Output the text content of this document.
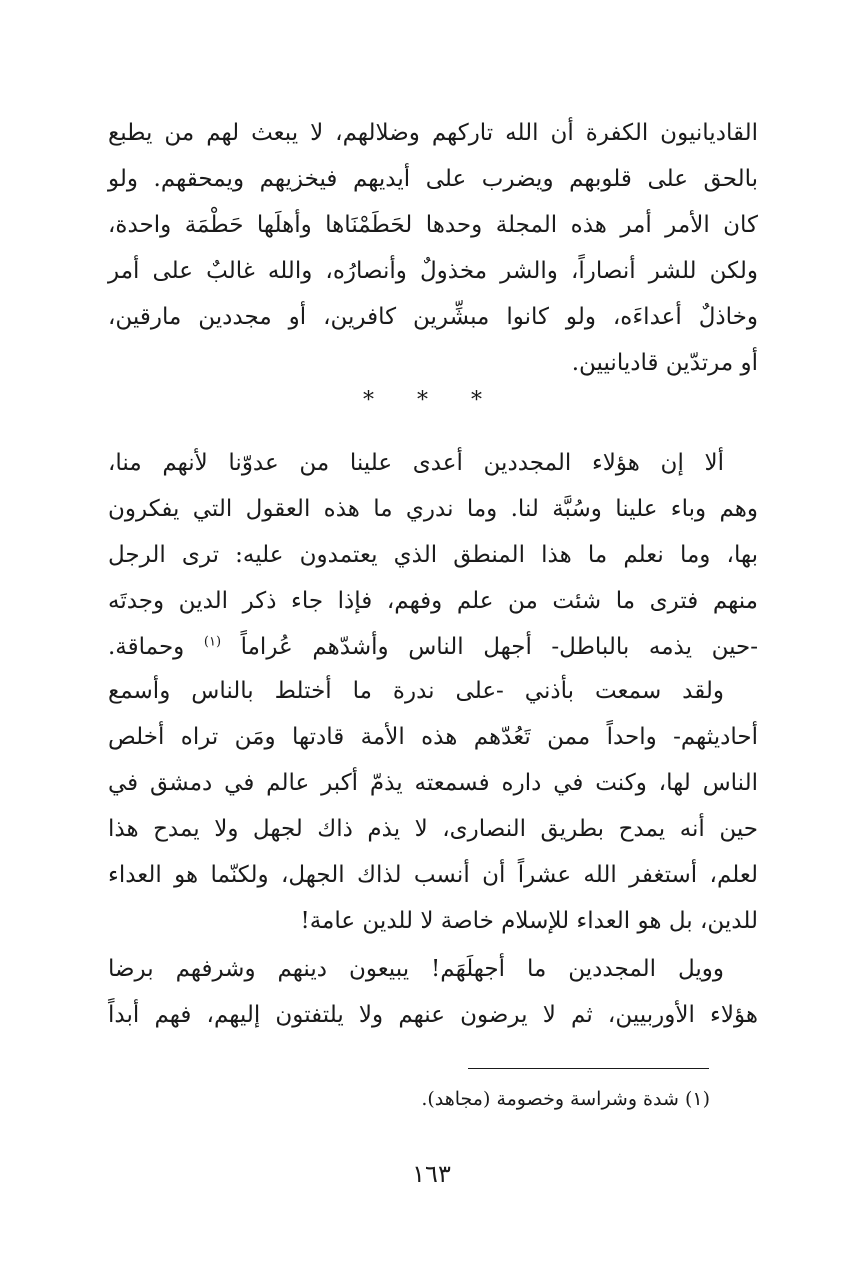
القاديانيون الكفرة أن الله تاركهم وضلالهم، لا يبعث لهم من يطبع
بالحق على قلوبهم ويضرب على أيديهم فيخزيهم ويمحقهم. ولو
كان الأمر أمر هذه المجلة وحدها لحَطَمْنَاها وأهلَها حَطْمَة واحدة،
ولكن للشر أنصاراً، والشر مخذولٌ وأنصارُه، والله غالبٌ على أمر
وخاذلٌ أعداءَه، ولو كانوا مبشِّرين كافرين، أو مجددين مارقين،
أو مرتدّين قاديانيين.
* * *
ألا إن هؤلاء المجددين أعدى علينا من عدوّنا لأنهم منا،
وهم وباء علينا وسُبَّة لنا. وما ندري ما هذه العقول التي يفكرون
بها، وما نعلم ما هذا المنطق الذي يعتمدون عليه: ترى الرجل
منهم فترى ما شئت من علم وفهم، فإذا جاء ذكر الدين وجدتَه
-حين يذمه بالباطل- أجهل الناس وأشدّهم عُراماً $^{(١)}$ وحماقة.
ولقد سمعت بأذني -على ندرة ما أختلط بالناس وأسمع
أحاديثهم- واحداً ممن تَعُدّهم هذه الأمة قادتها ومَن تراه أخلص
الناس لها، وكنت في داره فسمعته يذمّ أكبر عالم في دمشق في
حين أنه يمدح بطريق النصارى، لا يذم ذاك لجهل ولا يمدح هذا
لعلم، أستغفر الله عشراً أن أنسب لذاك الجهل، ولكنّما هو العداء
للدين، بل هو العداء للإسلام خاصة لا للدين عامة!
وويل المجددين ما أجهلَهَم! يبيعون دينهم وشرفهم برضا
هؤلاء الأوربيين، ثم لا يرضون عنهم ولا يلتفتون إليهم، فهم أبداً
(١) شدة وشراسة وخصومة (مجاهد).
١٦٣
